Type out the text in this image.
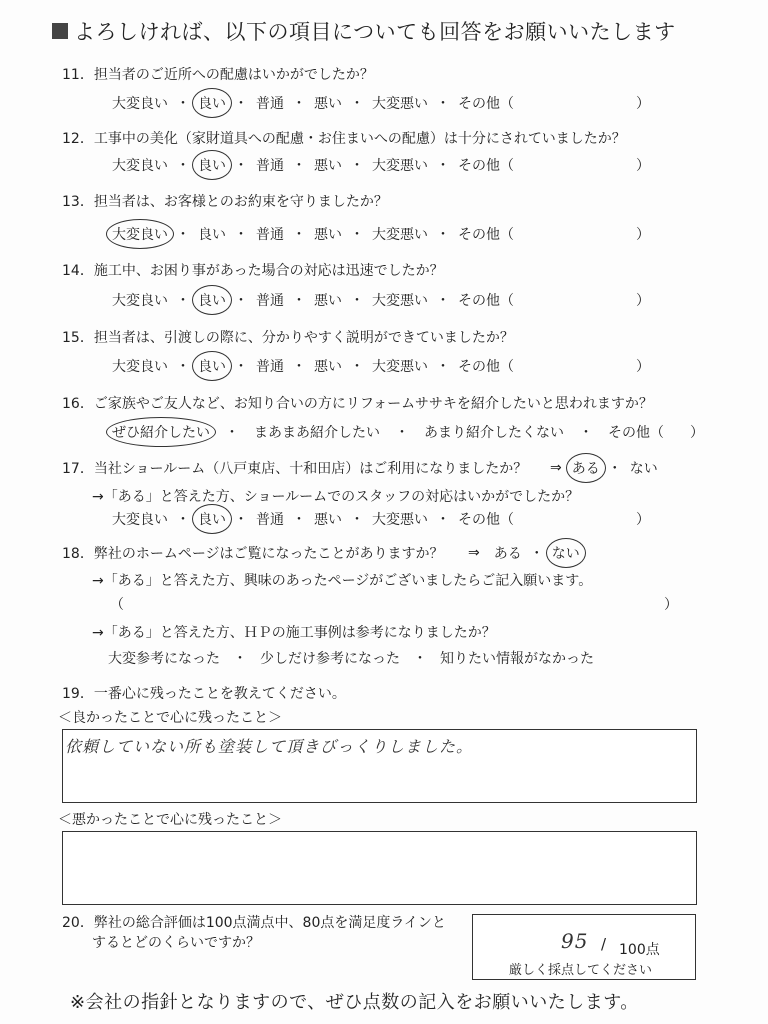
よろしければ、以下の項目についても回答をお願いいたします
11．担当者のご近所への配慮はいかがでしたか？
大変良い ・ 良い ・ 普通 ・ 悪い ・ 大変悪い ・ その他（	）
12．工事中の美化（家財道具への配慮・お住まいへの配慮）は十分にされていましたか？
大変良い ・ 良い ・ 普通 ・ 悪い ・ 大変悪い ・ その他（	）
13．担当者は、お客様とのお約束を守りましたか？
大変良い ・ 良い ・ 普通 ・ 悪い ・ 大変悪い ・ その他（	）
14．施工中、お困り事があった場合の対応は迅速でしたか？
大変良い ・ 良い ・ 普通 ・ 悪い ・ 大変悪い ・ その他（	）
15．担当者は、引渡しの際に、分かりやすく説明ができていましたか？
大変良い ・ 良い ・ 普通 ・ 悪い ・ 大変悪い ・ その他（	）
16．ご家族やご友人など、お知り合いの方にリフォームササキを紹介したいと思われますか？
ぜひ紹介したい	・	まあまあ紹介したい	・	あまり紹介したくない	・	その他（ ）
17．当社ショールーム（八戸東店、十和田店）はご利用になりましたか？ ⇒ ある ・ ない
→「ある」と答えた方、ショールームでのスタッフの対応はいかがでしたか？
大変良い ・ 良い ・ 普通 ・ 悪い ・ 大変悪い ・ その他（	）
18．弊社のホームページはご覧になったことがありますか？ ⇒ ある ・ ない
→「ある」と答えた方、興味のあったページがございましたらご記入願います。
（	）
→「ある」と答えた方、ＨＰの施工事例は参考になりましたか？
大変参考になった ・ 少しだけ参考になった ・ 知りたい情報がなかった
19．一番心に残ったことを教えてください。
＜良かったことで心に残ったこと＞
依頼していない所も塗装して頂きびっくりしました。
＜悪かったことで心に残ったこと＞
20．弊社の総合評価は100点満点中、80点を満足度ラインと
するとどのくらいですか？	95 / 100点
厳しく採点してください
※会社の指針となりますので、ぜひ点数の記入をお願いいたします。
